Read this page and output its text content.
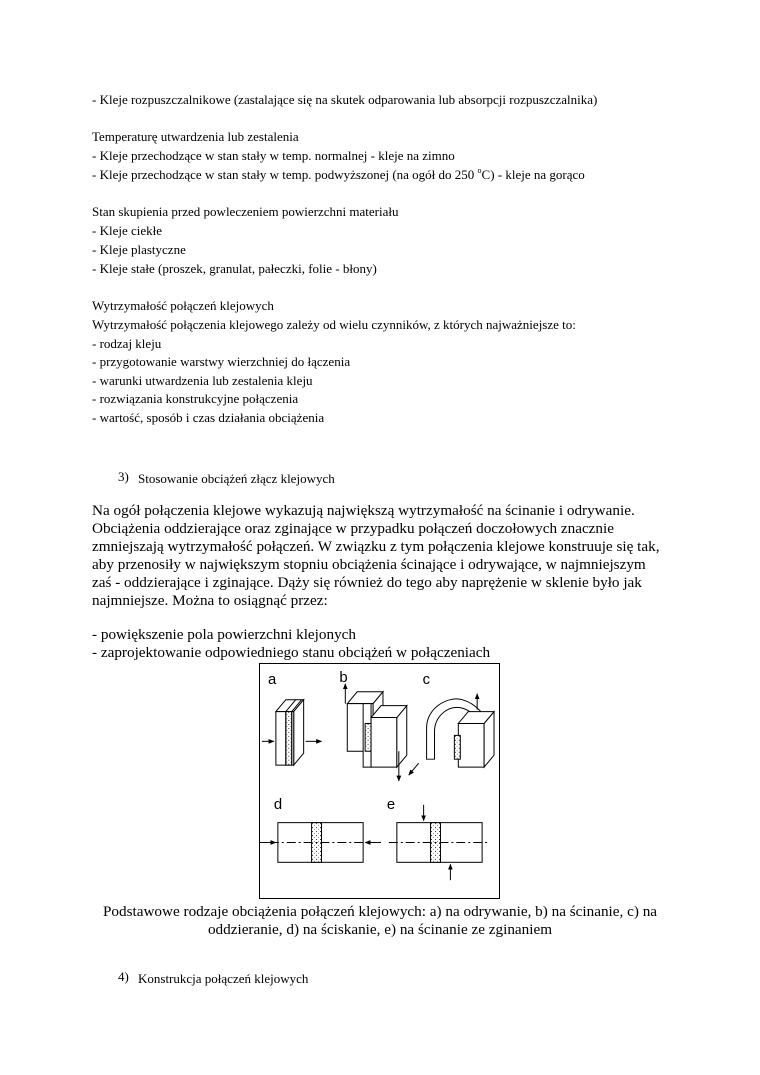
- Kleje rozpuszczalnikowe (zastalające się na skutek odparowania lub absorpcji rozpuszczalnika)
Temperaturę utwardzenia lub zestalenia
- Kleje przechodzące w stan stały w temp. normalnej - kleje na zimno
- Kleje przechodzące w stan stały w temp. podwyższonej (na ogół do 250 $^o$C) - kleje na gorąco
Stan skupienia przed powleczeniem powierzchni materiału
- Kleje ciekłe
- Kleje plastyczne
- Kleje stałe (proszek, granulat, pałeczki, folie - błony)
Wytrzymałość połączeń klejowych
Wytrzymałość połączenia klejowego zależy od wielu czynników, z których najważniejsze to:
- rodzaj kleju
- przygotowanie warstwy wierzchniej do łączenia
- warunki utwardzenia lub zestalenia kleju
- rozwiązania konstrukcyjne połączenia
- wartość, sposób i czas działania obciążenia
3) Stosowanie obciążeń złącz klejowych
Na ogół połączenia klejowe wykazują największą wytrzymałość na ścinanie i odrywanie.
Obciążenia oddzierające oraz zginające w przypadku połączeń doczołowych znacznie
zmniejszają wytrzymałość połączeń. W związku z tym połączenia klejowe konstruuje się tak,
aby przenosiły w największym stopniu obciążenia ścinające i odrywające, w najmniejszym
zaś - oddzierające i zginające. Dąży się również do tego aby naprężenie w sklenie było jak
najmniejsze. Można to osiągnąć przez:
- powiększenie pola powierzchni klejonych
- zaprojektowanie odpowiedniego stanu obciążeń w połączeniach
a	b	c
d	e
Podstawowe rodzaje obciążenia połączeń klejowych: a) na odrywanie, b) na ścinanie, c) na
oddzieranie, d) na ściskanie, e) na ścinanie ze zginaniem
4) Konstrukcja połączeń klejowych
